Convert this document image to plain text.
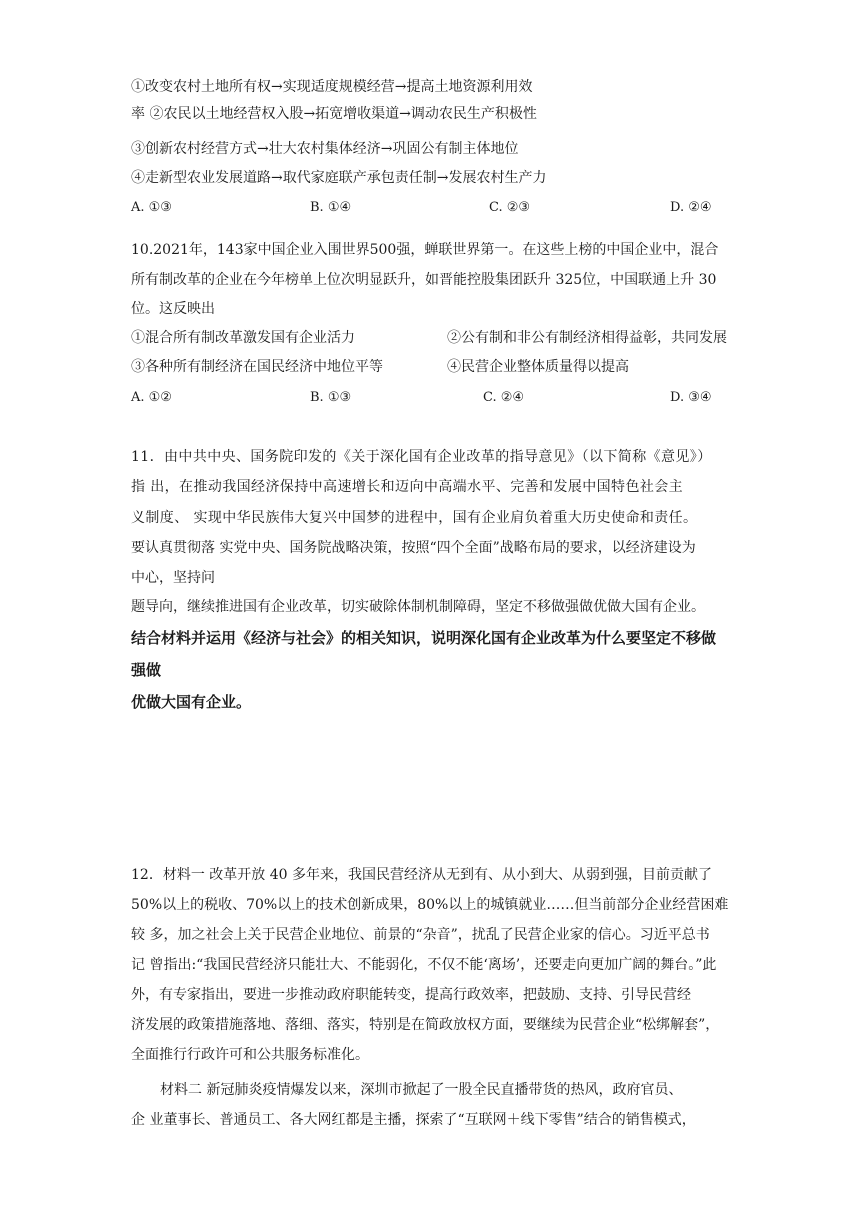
①改变农村土地所有权→实现适度规模经营→提高土地资源利用效
率 ②农民以土地经营权入股→拓宽增收渠道→调动农民生产积极性
③创新农村经营方式→壮大农村集体经济→巩固公有制主体地位
④走新型农业发展道路→取代家庭联产承包责任制→发展农村生产力
A. ①③	B. ①④	C. ②③	D. ②④
10.2021年，143家中国企业入围世界500强，蝉联世界第一。在这些上榜的中国企业中，混合
所有制改革的企业在今年榜单上位次明显跃升，如晋能控股集团跃升 325位，中国联通上升 30
位。这反映出
①混合所有制改革激发国有企业活力	②公有制和非公有制经济相得益彰，共同发展
③各种所有制经济在国民经济中地位平等	④民营企业整体质量得以提高
A. ①②	B. ①③	C. ②④	D. ③④
11．由中共中央、国务院印发的《关于深化国有企业改革的指导意见》（以下简称《意见》）
指 出，在推动我国经济保持中高速增长和迈向中高端水平、完善和发展中国特色社会主
义制度、 实现中华民族伟大复兴中国梦的进程中，国有企业肩负着重大历史使命和责任。
要认真贯彻落 实党中央、国务院战略决策，按照“四个全面”战略布局的要求，以经济建设为
中心，坚持问
题导向，继续推进国有企业改革，切实破除体制机制障碍，坚定不移做强做优做大国有企业。
结合材料并运用《经济与社会》的相关知识，说明深化国有企业改革为什么要坚定不移做
强做
优做大国有企业。
12．材料一 改革开放 40 多年来，我国民营经济从无到有、从小到大、从弱到强，目前贡献了
50%以上的税收、70%以上的技术创新成果，80%以上的城镇就业……但当前部分企业经营困难
较 多，加之社会上关于民营企业地位、前景的“杂音”，扰乱了民营企业家的信心。习近平总书
记 曾指出:“我国民营经济只能壮大、不能弱化，不仅不能‘离场’，还要走向更加广阔的舞台。”此
外，有专家指出，要进一步推动政府职能转变，提高行政效率，把鼓励、支持、引导民营经
济发展的政策措施落地、落细、落实，特别是在简政放权方面，要继续为民营企业“松绑解套”，
全面推行行政许可和公共服务标准化。
材料二 新冠肺炎疫情爆发以来，深圳市掀起了一股全民直播带货的热风，政府官员、
企 业董事长、普通员工、各大网红都是主播，探索了“互联网＋线下零售”结合的销售模式，
